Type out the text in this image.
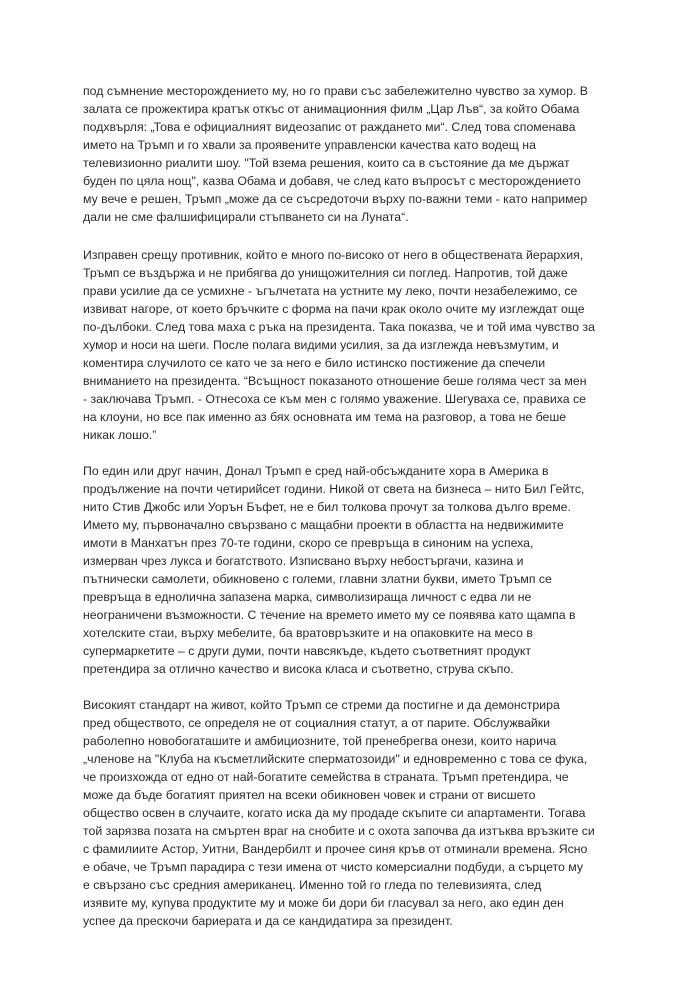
под съмнение месторождението му, но го прави със забележително чувство за хумор. В
залата се прожектира кратък откъс от анимационния филм „Цар Лъв“, за който Обама
подхвърля: „Това е официалният видеозапис от раждането ми“. След това споменава
името на Тръмп и го хвали за проявените управленски качества като водещ на
телевизионно риалити шоу. "Той взема решения, които са в състояние да ме държат
буден по цяла нощ", казва Обама и добавя, че след като въпросът с месторождението
му вече е решен, Тръмп „може да се съсредоточи върху по-важни теми - като например
дали не сме фалшифицирали стъпването си на Луната“.

Изправен срещу противник, който е много по-високо от него в обществената йерархия,
Тръмп се въздържа и не прибягва до унищожителния си поглед. Напротив, той даже
прави усилие да се усмихне - ъгълчетата на устните му леко, почти незабележимо, се
извиват нагоре, от което бръчките с форма на пачи крак около очите му изглеждат още
по-дълбоки. След това маха с ръка на президента. Така показва, че и той има чувство за
хумор и носи на шеги. После полага видими усилия, за да изглежда невъзмутим, и
коментира случилото се като че за него е било истинско постижение да спечели
вниманието на президента. “Всъщност показаното отношение беше голяма чест за мен
- заключава Тръмп. - Отнесоха се към мен с голямо уважение. Шегуваха се, правиха се
на клоуни, но все пак именно аз бях основната им тема на разговор, а това не беше
никак лошо.”

По един или друг начин, Донал Тръмп е сред най-обсъжданите хора в Америка в
продължение на почти четирийсет години. Никой от света на бизнеса – нито Бил Гейтс,
нито Стив Джобс или Уорън Бъфет, не е бил толкова прочут за толкова дълго време.
Името му, първоначално свързвано с мащабни проекти в областта на недвижимите
имоти в Манхатън през 70-те години, скоро се превръща в синоним на успеха,
измерван чрез лукса и богатството. Изписвано върху небостъргачи, казина и
пътнически самолети, обикновено с големи, главни златни букви, името Тръмп се
превръща в едноличнa запазена марка, символизираща личност с едва ли не
неограничени възможности. С течение на времето името му се появява като щампа в
хотелските стаи, върху мебелите, ба вратовръзките и на опаковките на месо в
супермаркетите – с други думи, почти навсякъде, където съответният продукт
претендира за отлично качество и висока класа и съответно, струва скъпо.

Високият стандарт на живот, който Тръмп се стреми да постигне и да демонстрира
пред обществото, се определя не от социалния статут, а от парите. Обслужвайки
раболепно новобогаташите и амбициозните, той пренебрегва онези, които нарича
„членове на "Клуба на късметлийските сперматозоиди" и едновременно с това се фука,
че произхожда от едно от най-богатите семейства в страната. Тръмп претендира, че
може да бъде богатият приятел на всеки обикновен човек и страни от висшето
общество освен в случаите, когато иска да му продаде скъпите си апартаменти. Тогава
той зарязва позата на смъртен враг на снобите и с охота започва да изтъква връзките си
с фамилиите Астор, Уитни, Вандербилт и прочее синя кръв от отминали времена. Ясно
е обаче, че Тръмп парадира с тези имена от чисто комерсиални подбуди, а сърцето му
е свързано със средния американец. Именно той го гледа по телевизията, след
изявите му, купува продуктите му и може би дори би гласувал за него, ако един ден
успее да прескочи бариерата и да се кандидатира за президент.
